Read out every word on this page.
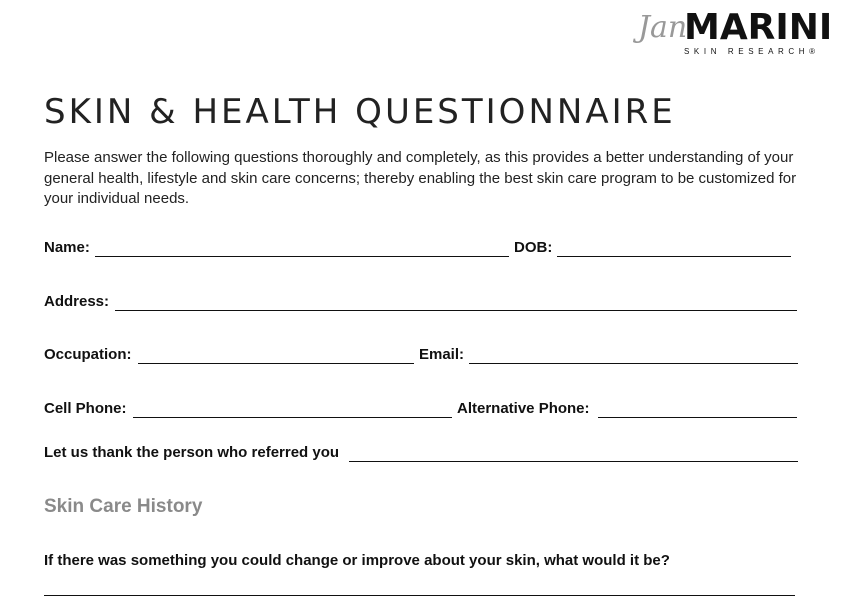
Jan
MARINI
SKIN RESEARCH®
SKIN & HEALTH QUESTIONNAIRE
Please answer the following questions thoroughly and completely, as this provides a better understanding of your general health, lifestyle and skin care concerns; thereby enabling the best skin care program to be customized for your individual needs.
Name:	DOB:
Address:
Occupation:	Email:
Cell Phone:	Alternative Phone:
Let us thank the person who referred you
Skin Care History
If there was something you could change or improve about your skin, what would it be?
